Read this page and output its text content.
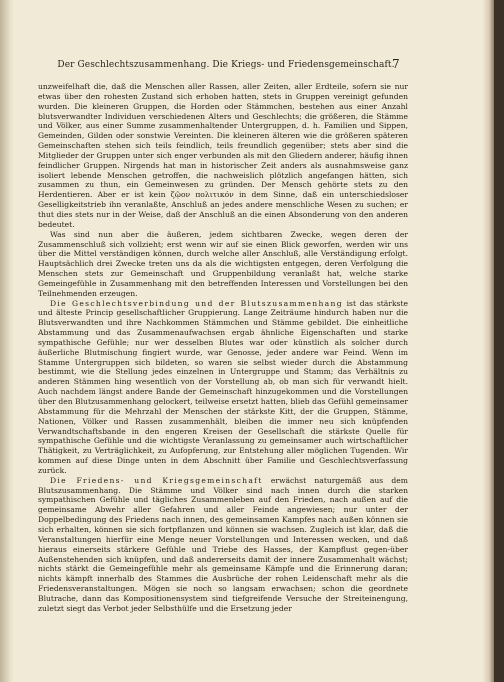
Der Geschlechtszusammenhang. Die Kriegs- und Friedensgemeinschaft.
7

unzweifelhaft die, daß die Menschen aller Rassen, aller Zeiten, aller Erdteile, sofern sie nur etwas über den rohesten Zustand sich erhoben hatten, stets in Gruppen vereinigt gefunden wurden. Die kleineren Gruppen, die Horden oder Stämmchen, bestehen aus einer Anzahl blutsverwandter Individuen verschiedenen Alters und Geschlechts; die größeren, die Stämme und Völker, aus einer Summe zusammenhaltender Untergruppen, d. h. Familien und Sippen, Gemeinden, Gilden oder sonstwie Vereinten. Die kleineren älteren wie die größeren späteren Gemeinschaften stehen sich teils feindlich, teils freundlich gegenüber; stets aber sind die Mitglieder der Gruppen unter sich enger verbunden als mit den Gliedern anderer, häufig ihnen feindlicher Gruppen. Nirgends hat man in historischer Zeit anders als ausnahmsweise ganz isoliert lebende Menschen getroffen, die nachweislich plötzlich angefangen hätten, sich zusammen zu thun, ein Gemeinwesen zu gründen. Der Mensch gehörte stets zu den Herdentieren. Aber er ist kein ζῷον πολιτικόν in dem Sinne, daß ein unterschiedsloser Geselligkeitstrieb ihn veranlaßte, Anschluß an jedes andere menschliche Wesen zu suchen; er thut dies stets nur in der Weise, daß der Anschluß an die einen Absonderung von den anderen bedeutet.

Was sind nun aber die äußeren, jedem sichtbaren Zwecke, wegen deren der Zusammenschluß sich vollzieht; erst wenn wir auf sie einen Blick geworfen, werden wir uns über die Mittel verständigen können, durch welche aller Anschluß, alle Verständigung erfolgt. Hauptsächlich drei Zwecke treten uns da als die wichtigsten entgegen, deren Verfolgung die Menschen stets zur Gemeinschaft und Gruppenbildung veranlaßt hat, welche starke Gemeingefühle in Zusammenhang mit den betreffenden Interessen und Vorstellungen bei den Teilnehmenden erzeugen.

Die Geschlechtsverbindung und der Blutszusammenhang ist das stärkste und älteste Princip gesellschaftlicher Gruppierung. Lange Zeiträume hindurch haben nur die Blutsverwandten und ihre Nachkommen Stämmchen und Stämme gebildet. Die einheitliche Abstammung und das Zusammenaufwachsen ergab ähnliche Eigenschaften und starke sympathische Gefühle; nur wer desselben Blutes war oder künstlich als solcher durch äußerliche Blutmischung fingiert wurde, war Genosse, jeder andere war Feind. Wenn im Stamme Untergruppen sich bildeten, so waren sie selbst wieder durch die Abstammung bestimmt, wie die Stellung jedes einzelnen in Untergruppe und Stamm; das Verhältnis zu anderen Stämmen hing wesentlich von der Vorstellung ab, ob man sich für verwandt hielt. Auch nachdem längst andere Bande der Gemeinschaft hinzugekommen und die Vorstellungen über den Blutzusammenhang gelockert, teilweise ersetzt hatten, blieb das Gefühl gemeinsamer Abstammung für die Mehrzahl der Menschen der stärkste Kitt, der die Gruppen, Stämme, Nationen, Völker und Rassen zusammenhält, bleiben die immer neu sich knüpfenden Verwandtschaftsbande in den engeren Kreisen der Gesellschaft die stärkste Quelle für sympathische Gefühle und die wichtigste Veranlassung zu gemeinsamer auch wirtschaftlicher Thätigkeit, zu Verträglichkeit, zu Aufopferung, zur Entstehung aller möglichen Tugenden. Wir kommen auf diese Dinge unten in dem Abschnitt über Familie und Geschlechtsverfassung zurück.

Die Friedens- und Kriegsgemeinschaft erwächst naturgemäß aus dem Blutszusammenhang. Die Stämme und Völker sind nach innen durch die starken sympathischen Gefühle und tägliches Zusammenleben auf den Frieden, nach außen auf die gemeinsame Abwehr aller Gefahren und aller Feinde angewiesen; nur unter der Doppelbedingung des Friedens nach innen, des gemeinsamen Kampfes nach außen können sie sich erhalten, können sie sich fortpflanzen und können sie wachsen. Zugleich ist klar, daß die Veranstaltungen hierfür eine Menge neuer Vorstellungen und Interessen wecken, und daß hieraus einerseits stärkere Gefühle und Triebe des Hasses, der Kampflust gegen-über Außenstehenden sich knüpfen, und daß andererseits damit der innere Zusammenhalt wächst; nichts stärkt die Gemeingefühle mehr als gemeinsame Kämpfe und die Erinnerung daran; nichts kämpft innerhalb des Stammes die Ausbrüche der rohen Leidenschaft mehr als die Friedensveranstaltungen. Mögen sie noch so langsam erwachsen; schon die geordnete Blutrache, dann das Kompositionensystem sind tiefgreifende Versuche der Streiteinengung, zuletzt siegt das Verbot jeder Selbsthülfe und die Ersetzung jeder
